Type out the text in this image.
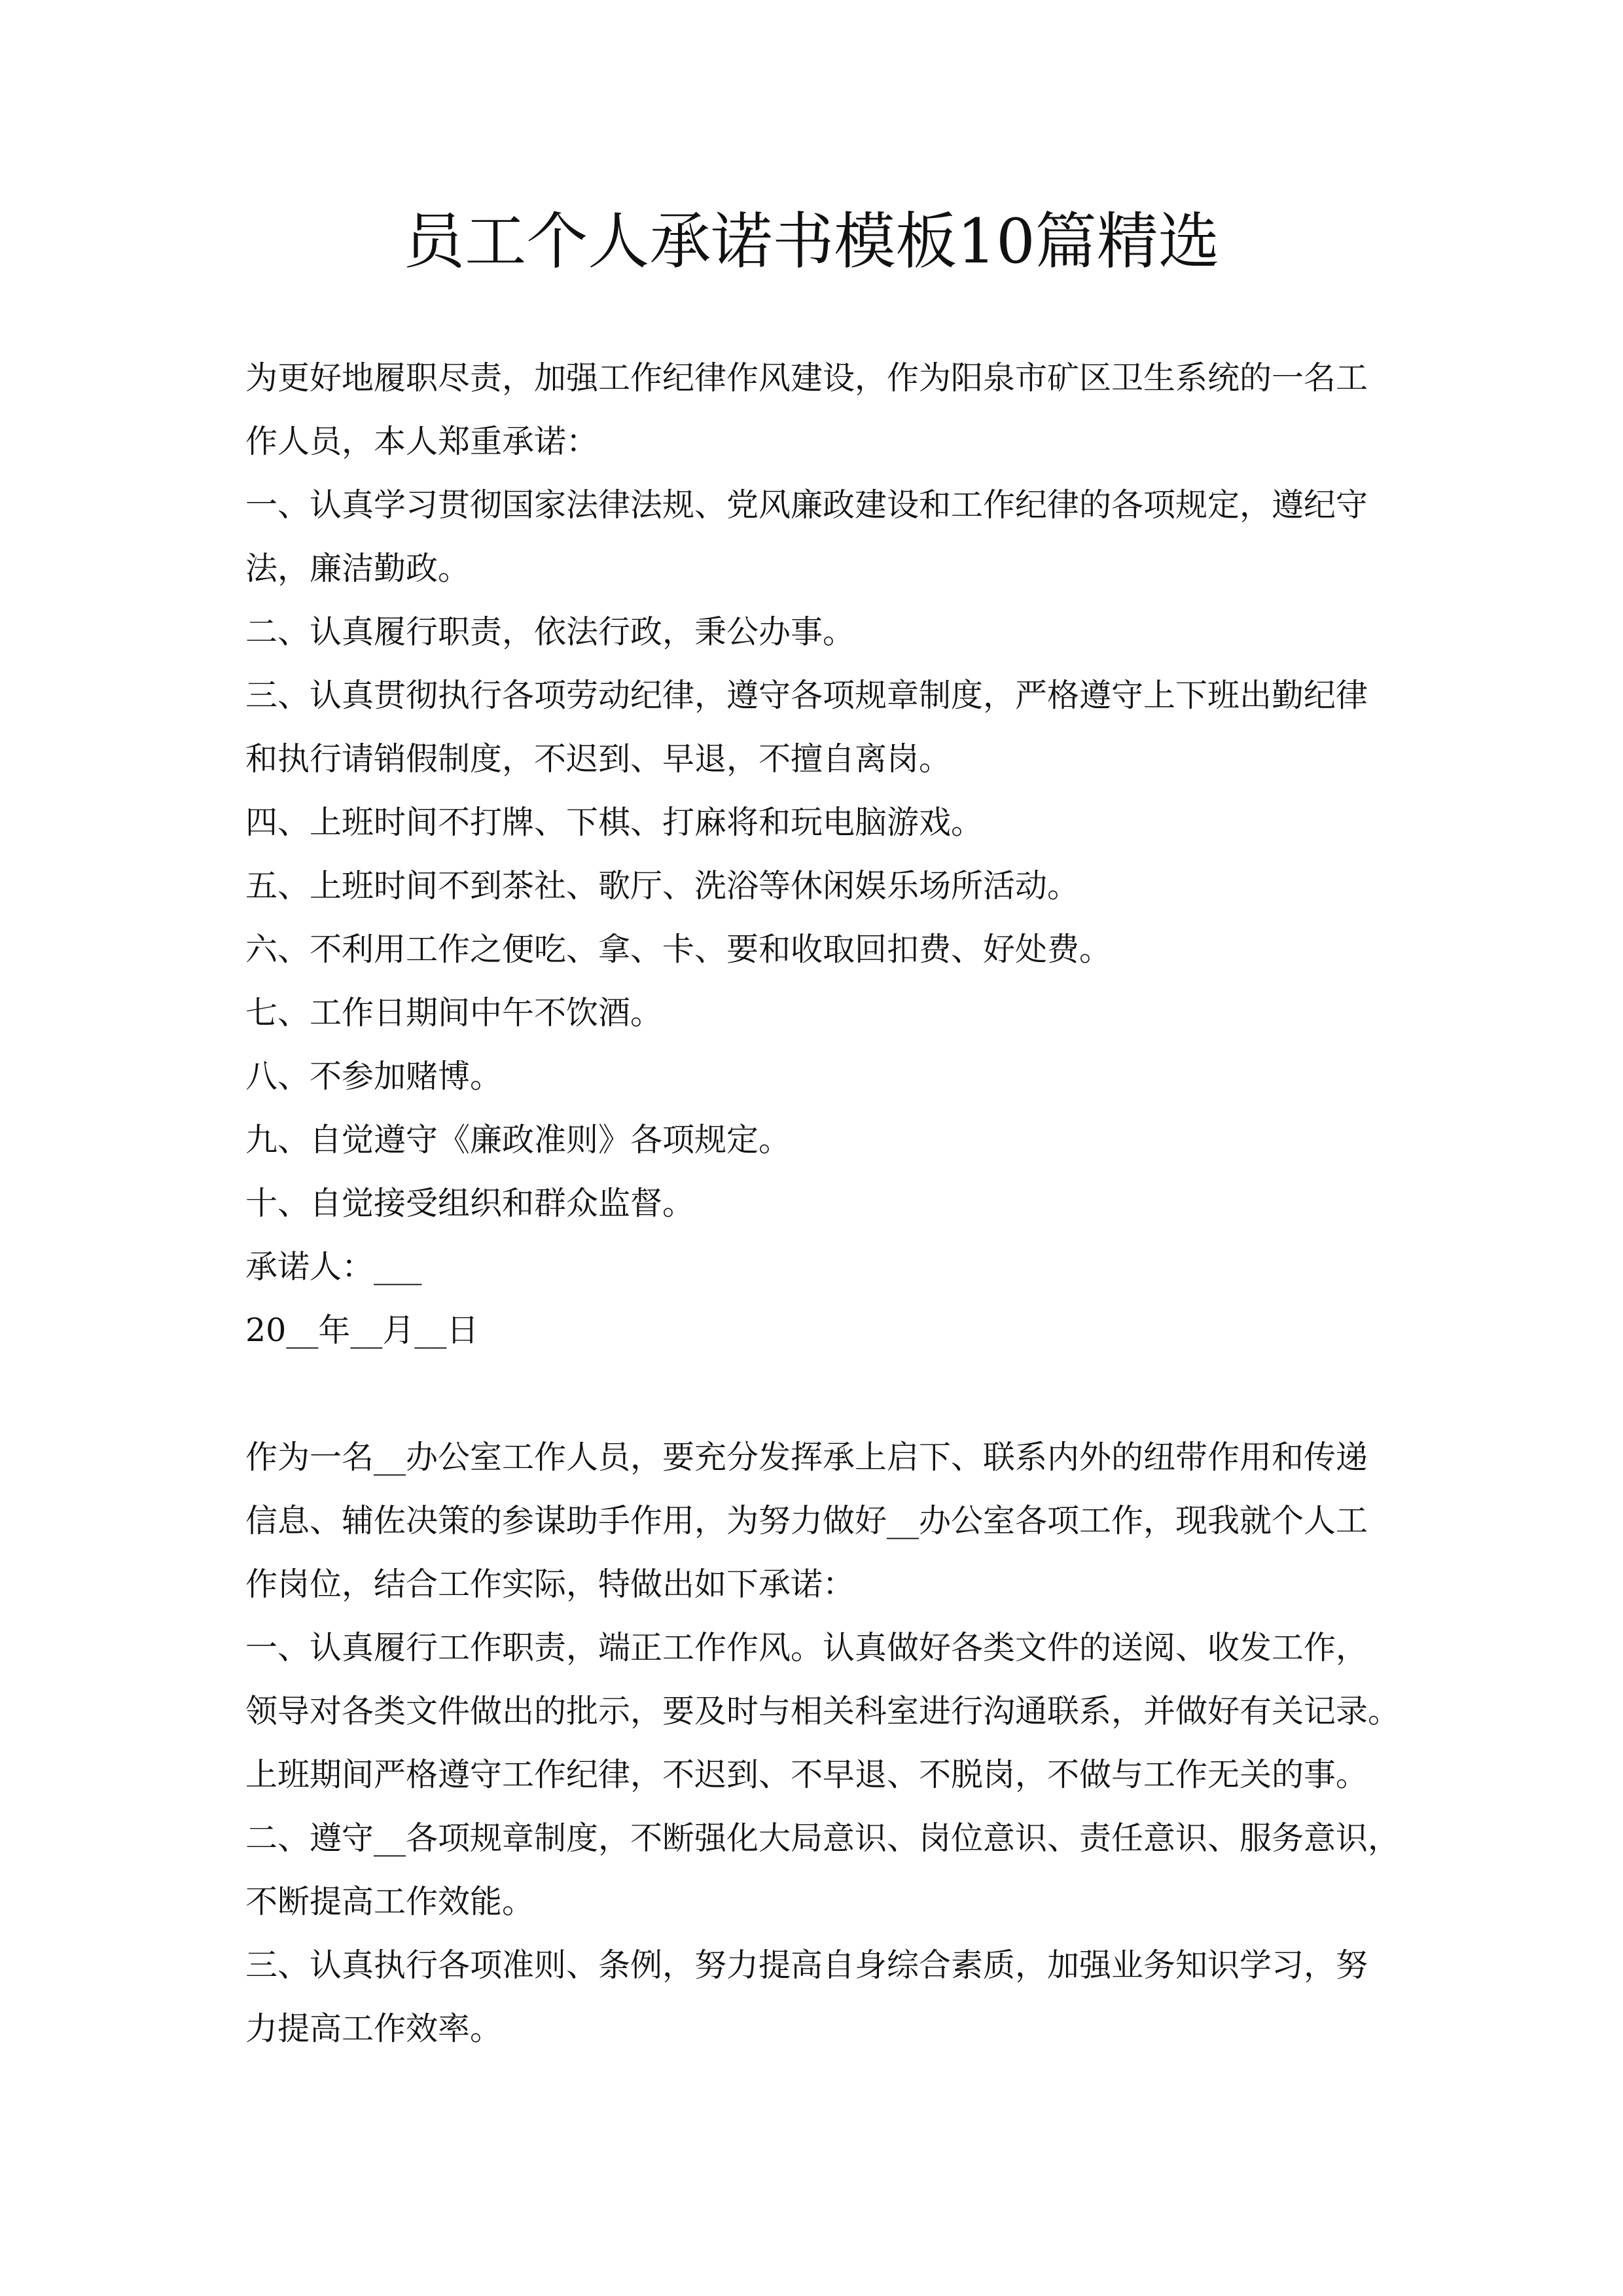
员工个人承诺书模板10篇精选
为更好地履职尽责，加强工作纪律作风建设，作为阳泉市矿区卫生系统的一名工
作人员，本人郑重承诺：
一、认真学习贯彻国家法律法规、党风廉政建设和工作纪律的各项规定，遵纪守
法，廉洁勤政。
二、认真履行职责，依法行政，秉公办事。
三、认真贯彻执行各项劳动纪律，遵守各项规章制度，严格遵守上下班出勤纪律
和执行请销假制度，不迟到、早退，不擅自离岗。
四、上班时间不打牌、下棋、打麻将和玩电脑游戏。
五、上班时间不到茶社、歌厅、洗浴等休闲娱乐场所活动。
六、不利用工作之便吃、拿、卡、要和收取回扣费、好处费。
七、工作日期间中午不饮酒。
八、不参加赌博。
九、自觉遵守《廉政准则》各项规定。
十、自觉接受组织和群众监督。
承诺人：___
20__年__月__日
作为一名__办公室工作人员，要充分发挥承上启下、联系内外的纽带作用和传递
信息、辅佐决策的参谋助手作用，为努力做好__办公室各项工作，现我就个人工
作岗位，结合工作实际，特做出如下承诺：
一、认真履行工作职责，端正工作作风。认真做好各类文件的送阅、收发工作，
领导对各类文件做出的批示，要及时与相关科室进行沟通联系，并做好有关记录。
上班期间严格遵守工作纪律，不迟到、不早退、不脱岗，不做与工作无关的事。
二、遵守__各项规章制度，不断强化大局意识、岗位意识、责任意识、服务意识，
不断提高工作效能。
三、认真执行各项准则、条例，努力提高自身综合素质，加强业务知识学习，努
力提高工作效率。
